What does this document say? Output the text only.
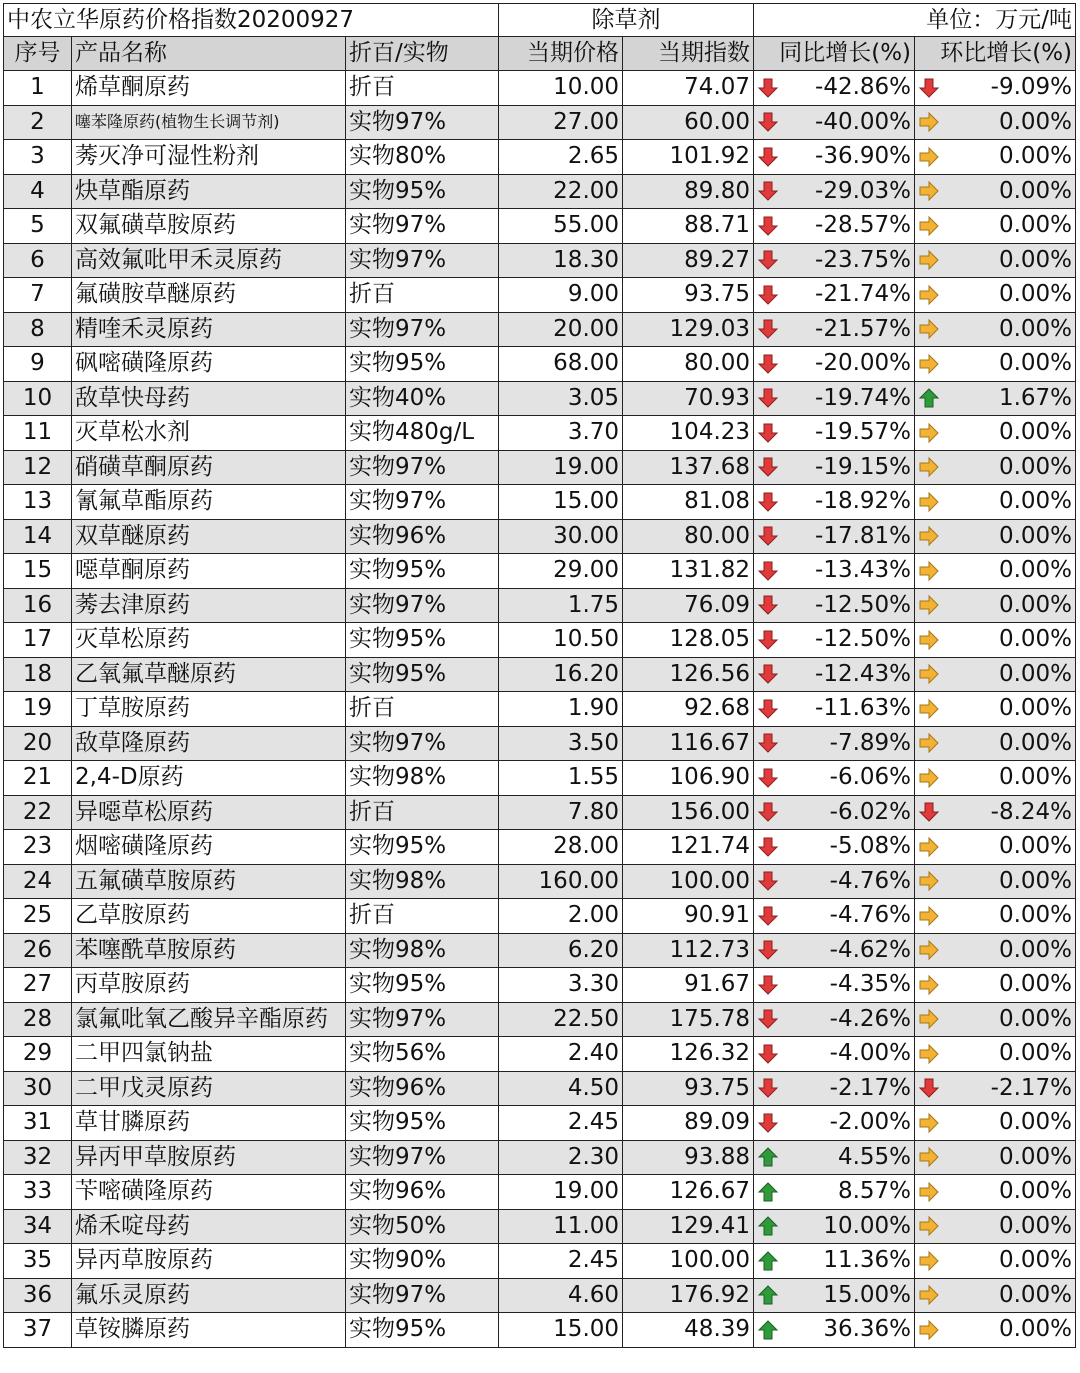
中农立华原药价格指数20200927			除草剂		单位：万元/吨	
序号	产品名称	折百/实物	当期价格	当期指数	同比增长(%)	环比增长(%)
1	烯草酮原药	折百	10.00	74.07	-42.86%	-9.09%

2	噻苯隆原药(植物生长调节剂)	实物97%	27.00	60.00	-40.00%	0.00%

3	莠灭净可湿性粉剂	实物80%	2.65	101.92	-36.90%	0.00%

4	炔草酯原药	实物95%	22.00	89.80	-29.03%	0.00%

5	双氟磺草胺原药	实物97%	55.00	88.71	-28.57%	0.00%

6	高效氟吡甲禾灵原药	实物97%	18.30	89.27	-23.75%	0.00%

7	氟磺胺草醚原药	折百	9.00	93.75	-21.74%	0.00%

8	精喹禾灵原药	实物97%	20.00	129.03	-21.57%	0.00%

9	砜嘧磺隆原药	实物95%	68.00	80.00	-20.00%	0.00%

10	敌草快母药	实物40%	3.05	70.93	-19.74%	1.67%

11	灭草松水剂	实物480g/L	3.70	104.23	-19.57%	0.00%

12	硝磺草酮原药	实物97%	19.00	137.68	-19.15%	0.00%

13	氰氟草酯原药	实物97%	15.00	81.08	-18.92%	0.00%

14	双草醚原药	实物96%	30.00	80.00	-17.81%	0.00%

15	噁草酮原药	实物95%	29.00	131.82	-13.43%	0.00%

16	莠去津原药	实物97%	1.75	76.09	-12.50%	0.00%

17	灭草松原药	实物95%	10.50	128.05	-12.50%	0.00%

18	乙氧氟草醚原药	实物95%	16.20	126.56	-12.43%	0.00%

19	丁草胺原药	折百	1.90	92.68	-11.63%	0.00%

20	敌草隆原药	实物97%	3.50	116.67	-7.89%	0.00%

21	2,4-D原药	实物98%	1.55	106.90	-6.06%	0.00%

22	异噁草松原药	折百	7.80	156.00	-6.02%	-8.24%

23	烟嘧磺隆原药	实物95%	28.00	121.74	-5.08%	0.00%

24	五氟磺草胺原药	实物98%	160.00	100.00	-4.76%	0.00%

25	乙草胺原药	折百	2.00	90.91	-4.76%	0.00%

26	苯噻酰草胺原药	实物98%	6.20	112.73	-4.62%	0.00%

27	丙草胺原药	实物95%	3.30	91.67	-4.35%	0.00%

28	氯氟吡氧乙酸异辛酯原药	实物97%	22.50	175.78	-4.26%	0.00%

29	二甲四氯钠盐	实物56%	2.40	126.32	-4.00%	0.00%

30	二甲戊灵原药	实物96%	4.50	93.75	-2.17%	-2.17%

31	草甘膦原药	实物95%	2.45	89.09	-2.00%	0.00%

32	异丙甲草胺原药	实物97%	2.30	93.88	4.55%	0.00%

33	苄嘧磺隆原药	实物96%	19.00	126.67	8.57%	0.00%

34	烯禾啶母药	实物50%	11.00	129.41	10.00%	0.00%

35	异丙草胺原药	实物90%	2.45	100.00	11.36%	0.00%

36	氟乐灵原药	实物97%	4.60	176.92	15.00%	0.00%

37	草铵膦原药	实物95%	15.00	48.39	36.36%	0.00%
